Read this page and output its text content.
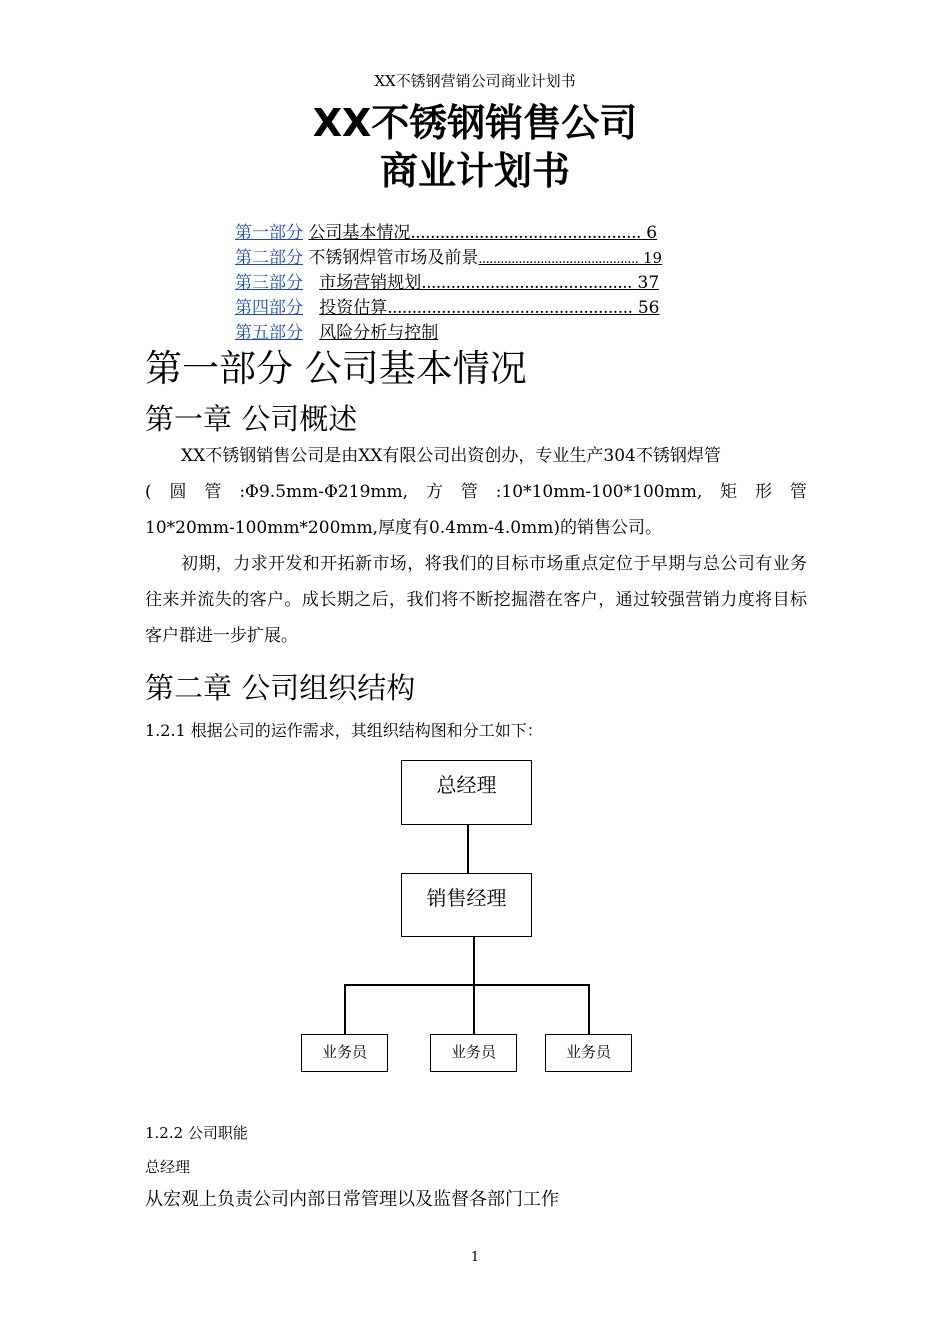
XX不锈钢营销公司商业计划书
XX不锈钢销售公司
商业计划书
第一部分 公司基本情况............................................... 6
第二部分 不锈钢焊管市场及前景............................................ 19
第三部分 市场营销规划........................................... 37
第四部分 投资估算.................................................. 56
第五部分 风险分析与控制
第一部分 公司基本情况
第一章 公司概述

XX不锈钢销售公司是由XX有限公司出资创办，专业生产304不锈钢焊管

( 圆 管 :Φ9.5mm-Φ219mm, 方 管 :10*10mm-100*100mm, 矩 形 管
10*20mm-100mm*200mm,厚度有0.4mm-4.0mm)的销售公司。

初期，力求开发和开拓新市场，将我们的目标市场重点定位于早期与总公司有业务往来并流失的客户。成长期之后，我们将不断挖掘潜在客户，通过较强营销力度将目标客户群进一步扩展。

第二章 公司组织结构
1.2.1 根据公司的运作需求，其组织结构图和分工如下：
总经理
销售经理
业务员	业务员	业务员
1.2.2 公司职能
总经理
从宏观上负责公司内部日常管理以及监督各部门工作
1
